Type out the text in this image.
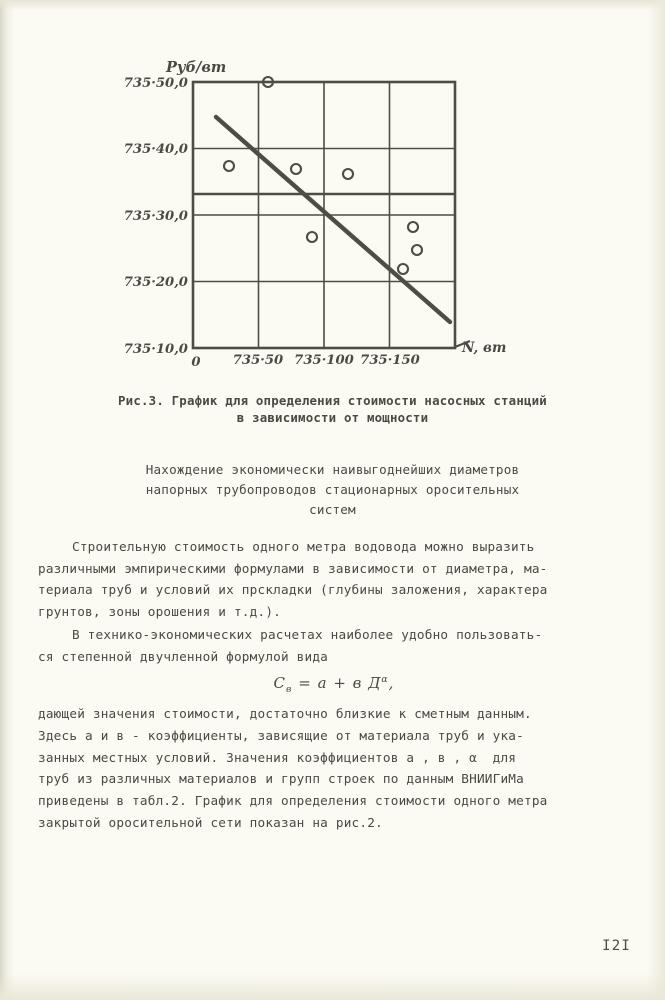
Руб/вт
735·50,0
735·40,0
735·30,0
735·20,0
735·10,0
0 735·50 735·100 735·150
N, вт
Рис.3. График для определения стоимости насосных станций
в зависимости от мощности
Нахождение экономически наивыгоднейших диаметров
напорных трубопроводов стационарных оросительных
систем

Строительную стоимость одного метра водовода можно выразить
различными эмпирическими формулами в зависимости от диаметра, ма-
териала труб и условий их прскладки (глубины заложения, характера
грунтов, зоны орошения и т.д.).

В технико-экономических расчетах наиболее удобно пользовать-
ся степенной двучленной формулой вида

$C_в = a + в$ $Д^\alpha$,

дающей значения стоимости, достаточно близкие к сметным данным.
Здесь a и в - коэффициенты, зависящие от материала труб и ука-
занных местных условий. Значения коэффициентов a , в , α  для
труб из различных материалов и групп строек по данным ВНИИГиМа
приведены в табл.2. График для определения стоимости одного метра
закрытой оросительной сети показан на рис.2.

I2I
